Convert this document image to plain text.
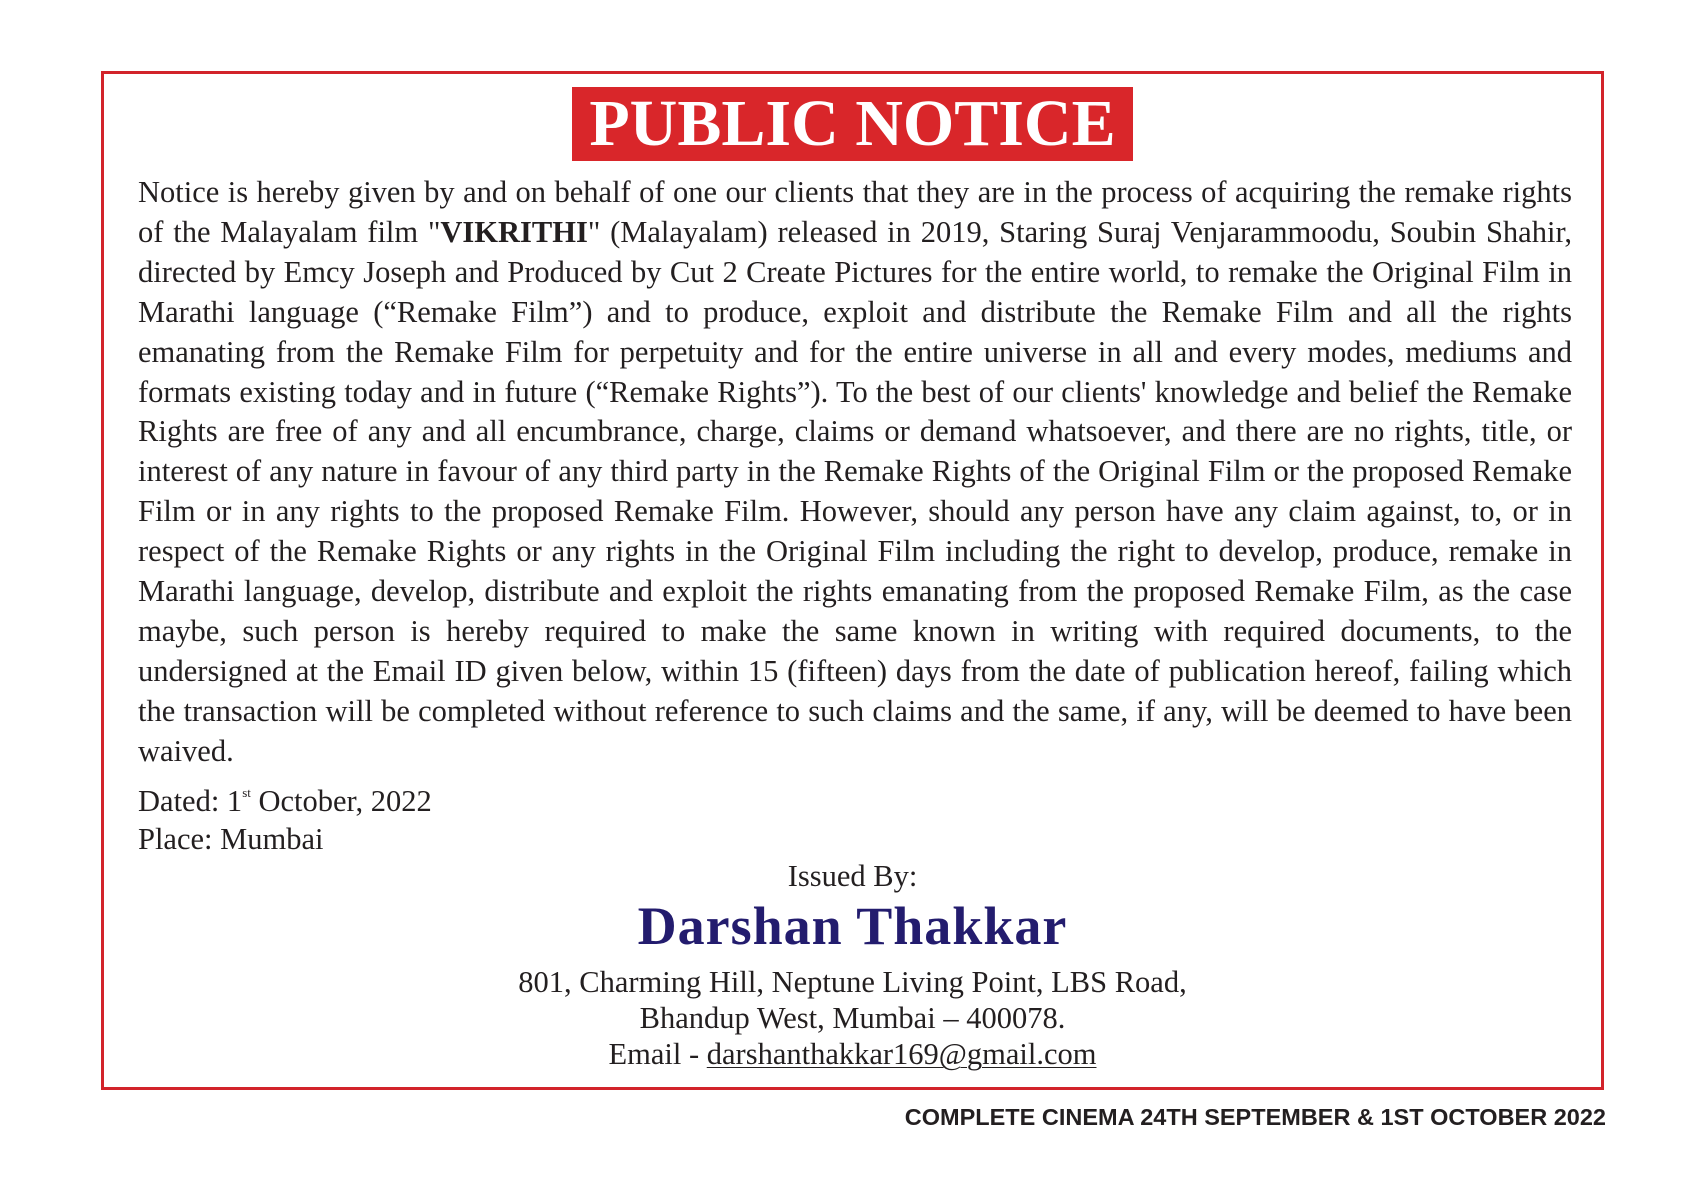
PUBLIC NOTICE

Notice is hereby given by and on behalf of one our clients that they are in the process of acquiring the remake rights of the Malayalam film "VIKRITHI" (Malayalam) released in 2019, Staring Suraj Venjarammoodu, Soubin Shahir, directed by Emcy Joseph and Produced by Cut 2 Create Pictures for the entire world, to remake the Original Film in Marathi language (“Remake Film”) and to produce, exploit and distribute the Remake Film and all the rights emanating from the Remake Film for perpetuity and for the entire universe in all and every modes, mediums and formats existing today and in future (“Remake Rights”). To the best of our clients' knowledge and belief the Remake Rights are free of any and all encumbrance, charge, claims or demand whatsoever, and there are no rights, title, or interest of any nature in favour of any third party in the Remake Rights of the Original Film or the proposed Remake Film or in any rights to the proposed Remake Film. However, should any person have any claim against, to, or in respect of the Remake Rights or any rights in the Original Film including the right to develop, produce, remake in Marathi language, develop, distribute and exploit the rights emanating from the proposed Remake Film, as the case maybe, such person is hereby required to make the same known in writing with required documents, to the undersigned at the Email ID given below, within 15 (fifteen) days from the date of publication hereof, failing which the transaction will be completed without reference to such claims and the same, if any, will be deemed to have been waived.

Dated: 1st October, 2022
Place: Mumbai
Issued By:
Darshan Thakkar
801, Charming Hill, Neptune Living Point, LBS Road,
Bhandup West, Mumbai – 400078.
Email - darshanthakkar169@gmail.com
COMPLETE CINEMA 24TH SEPTEMBER & 1ST OCTOBER 2022
